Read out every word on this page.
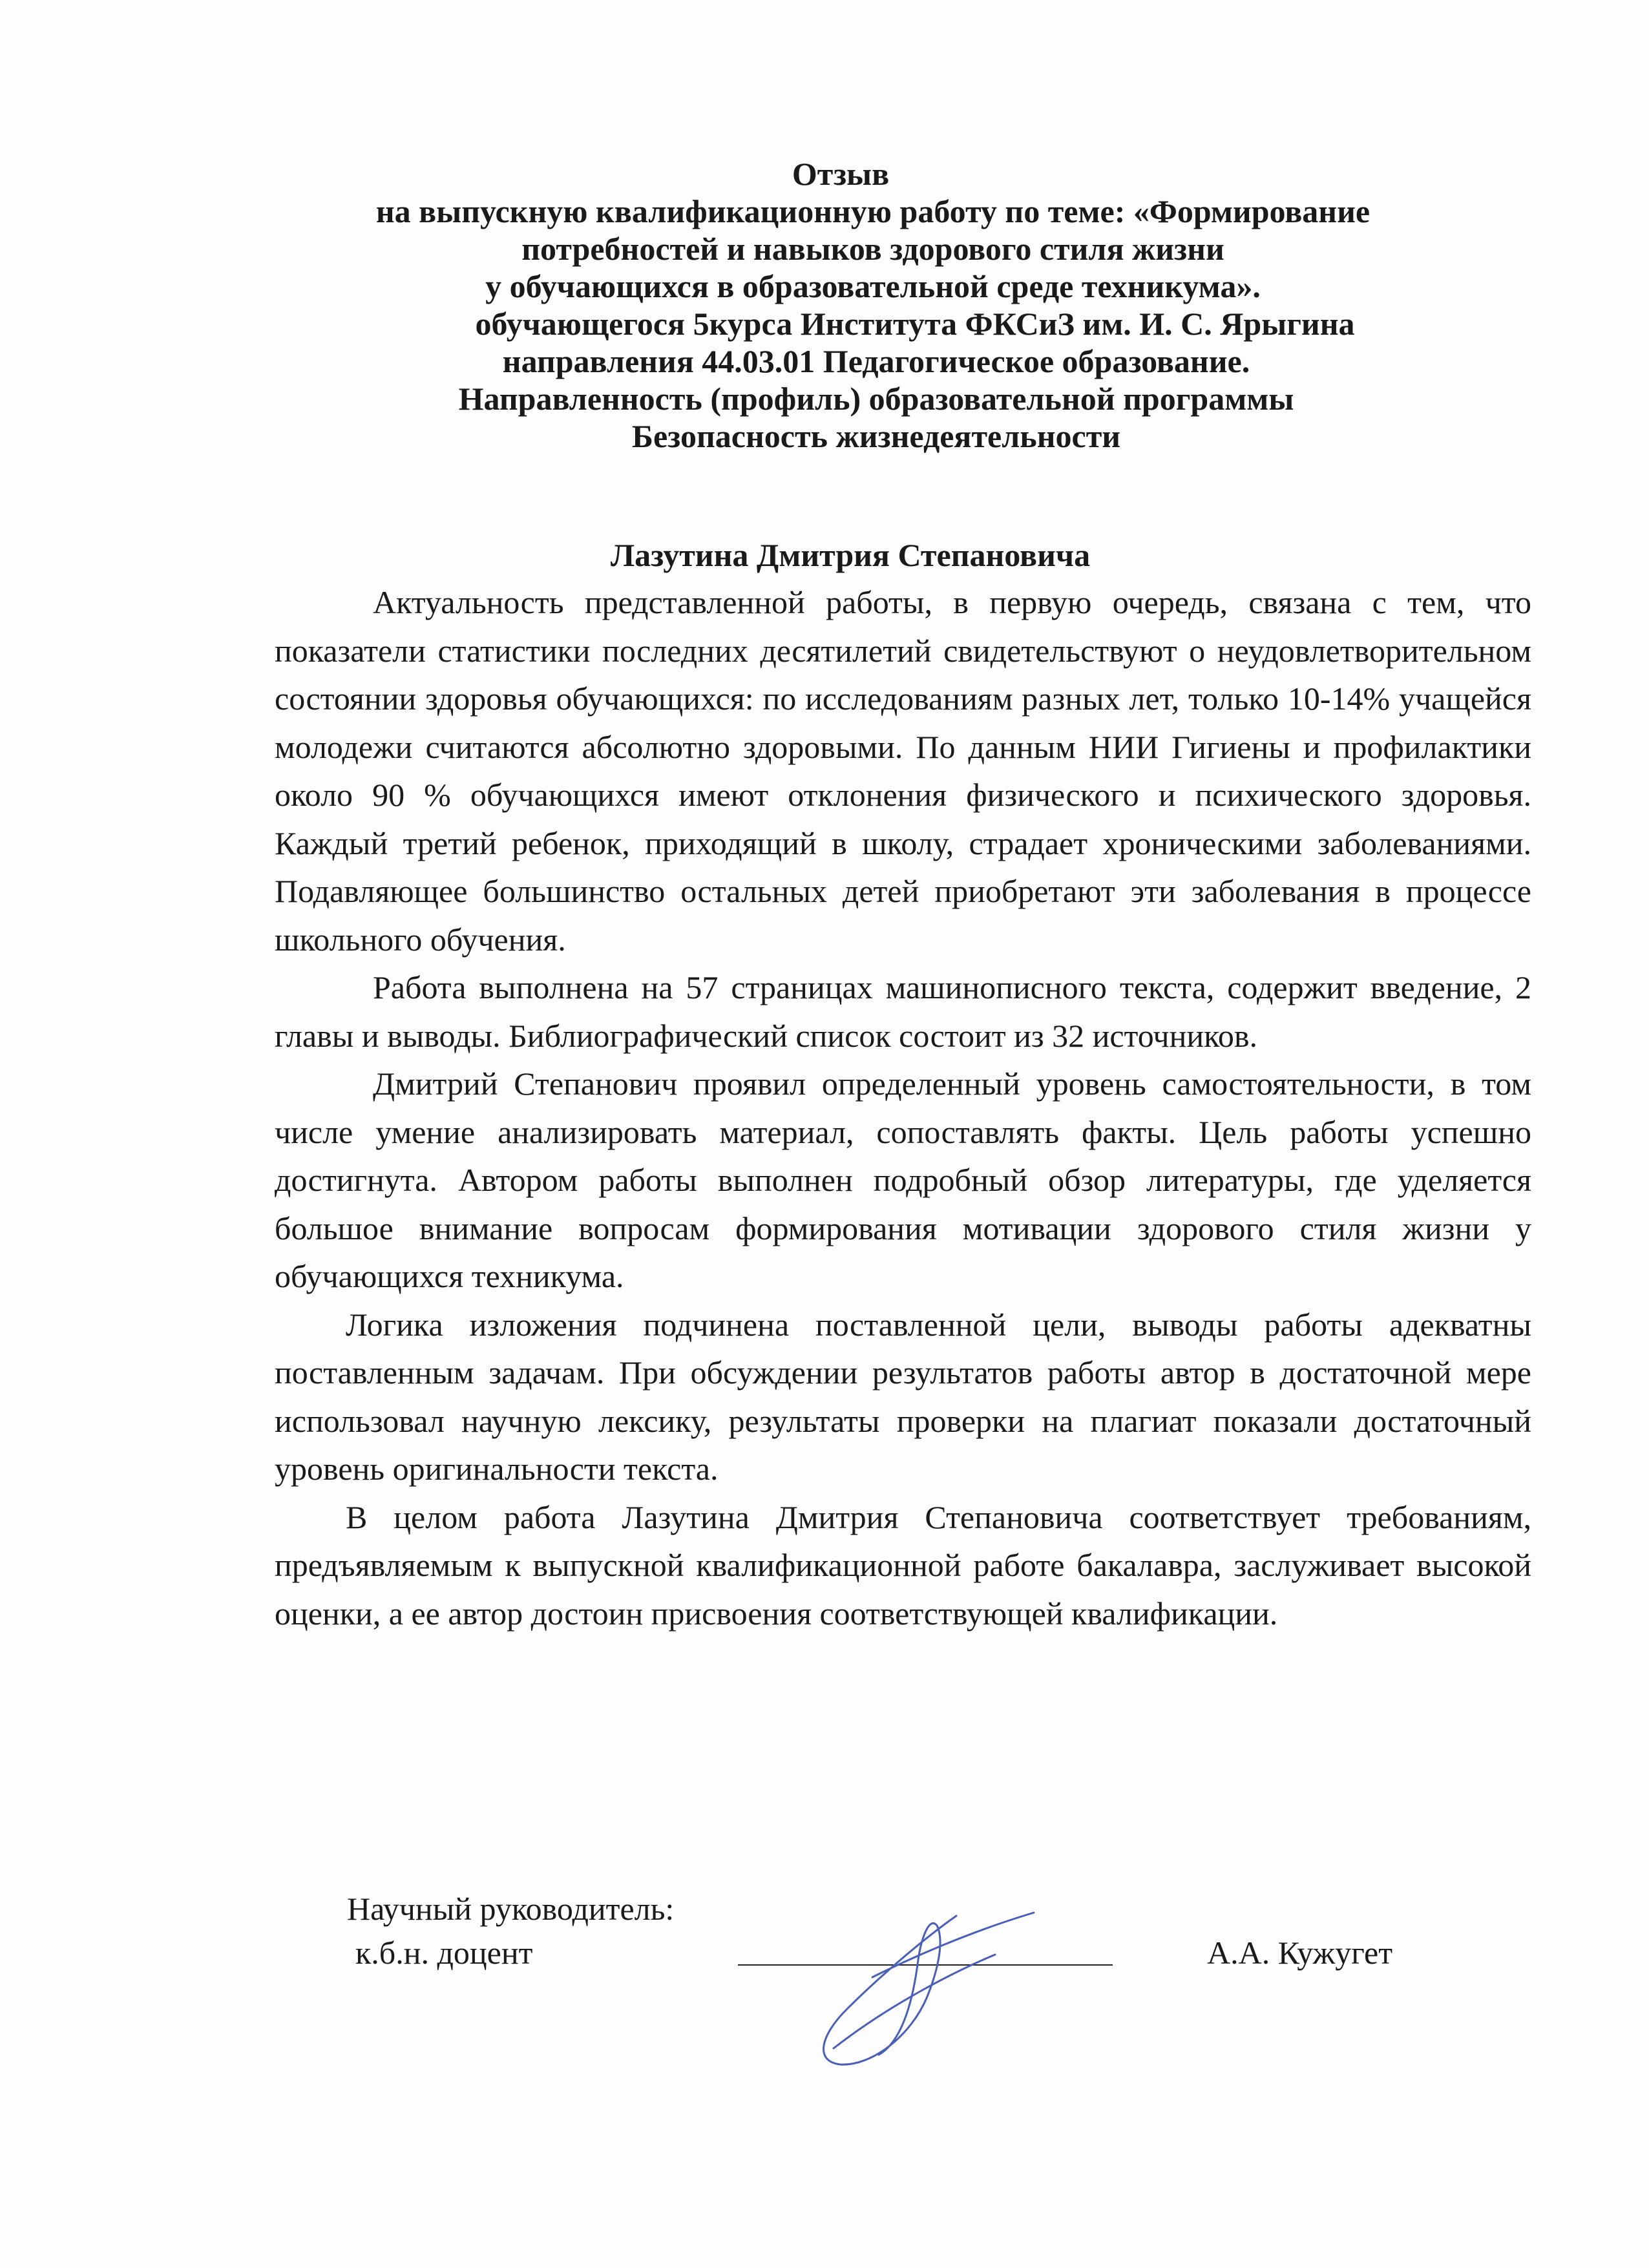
Отзыв
на выпускную квалификационную работу по теме: «Формирование
потребностей и навыков здорового стиля жизни
у обучающихся в образовательной среде техникума».
обучающегося 5курса Института ФКСиЗ им. И. С. Ярыгина
направления 44.03.01 Педагогическое образование.
Направленность (профиль) образовательной программы
Безопасность жизнедеятельности
Лазутина Дмитрия Степановича

Актуальность представленной работы, в первую очередь, связана с тем, что показатели статистики последних десятилетий свидетельствуют о неудовлетворительном состоянии здоровья обучающихся: по исследованиям разных лет, только 10-14% учащейся молодежи считаются абсолютно здоровыми. По данным НИИ Гигиены и профилактики около 90 % обучающихся имеют отклонения физического и психического здоровья. Каждый третий ребенок, приходящий в школу, страдает хроническими заболеваниями. Подавляющее большинство остальных детей приобретают эти заболевания в процессе школьного обучения.

Работа выполнена на 57 страницах машинописного текста, содержит введение, 2 главы и выводы. Библиографический список состоит из 32 источников.

Дмитрий Степанович проявил определенный уровень самостоятельности, в том числе умение анализировать материал, сопоставлять факты. Цель работы успешно достигнута. Автором работы выполнен подробный обзор литературы, где уделяется большое внимание вопросам формирования мотивации здорового стиля жизни у обучающихся техникума.

Логика изложения подчинена поставленной цели, выводы работы адекватны поставленным задачам. При обсуждении результатов работы автор в достаточной мере использовал научную лексику, результаты проверки на плагиат показали достаточный уровень оригинальности текста.

В целом работа Лазутина Дмитрия Степановича соответствует требованиям, предъявляемым к выпускной квалификационной работе бакалавра, заслуживает высокой оценки, а ее автор достоин присвоения соответствующей квалификации.

Научный руководитель:
к.б.н. доцент	А.А. Кужугет
